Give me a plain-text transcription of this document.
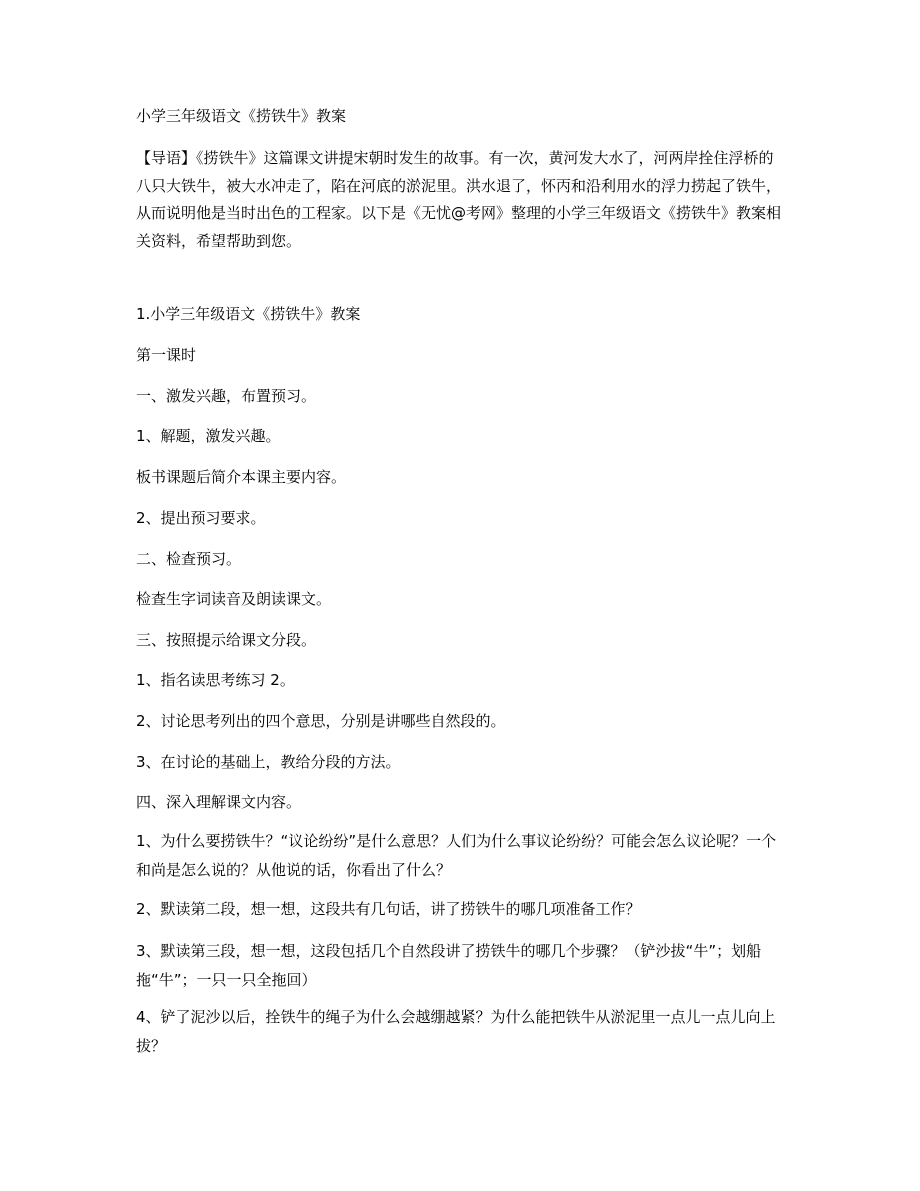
小学三年级语文《捞铁牛》教案

【导语】《捞铁牛》这篇课文讲提宋朝时发生的故事。有一次，黄河发大水了，河两岸拴住浮桥的八只大铁牛，被大水冲走了，陷在河底的淤泥里。洪水退了，怀丙和沿利用水的浮力捞起了铁牛，从而说明他是当时出色的工程家。以下是《无忧@考网》整理的小学三年级语文《捞铁牛》教案相关资料，希望帮助到您。

1.小学三年级语文《捞铁牛》教案
第一课时
一、激发兴趣，布置预习。
1、解题，激发兴趣。
板书课题后简介本课主要内容。
2、提出预习要求。
二、检查预习。
检查生字词读音及朗读课文。
三、按照提示给课文分段。
1、指名读思考练习 2。
2、讨论思考列出的四个意思，分别是讲哪些自然段的。
3、在讨论的基础上，教给分段的方法。
四、深入理解课文内容。

1、为什么要捞铁牛？“议论纷纷”是什么意思？人们为什么事议论纷纷？可能会怎么议论呢？一个和尚是怎么说的？从他说的话，你看出了什么？

2、默读第二段，想一想，这段共有几句话，讲了捞铁牛的哪几项准备工作？

3、默读第三段，想一想，这段包括几个自然段讲了捞铁牛的哪几个步骤？（铲沙拔“牛”；划船拖“牛”；一只一只全拖回）

4、铲了泥沙以后，拴铁牛的绳子为什么会越绷越紧？为什么能把铁牛从淤泥里一点儿一点儿向上拔？
